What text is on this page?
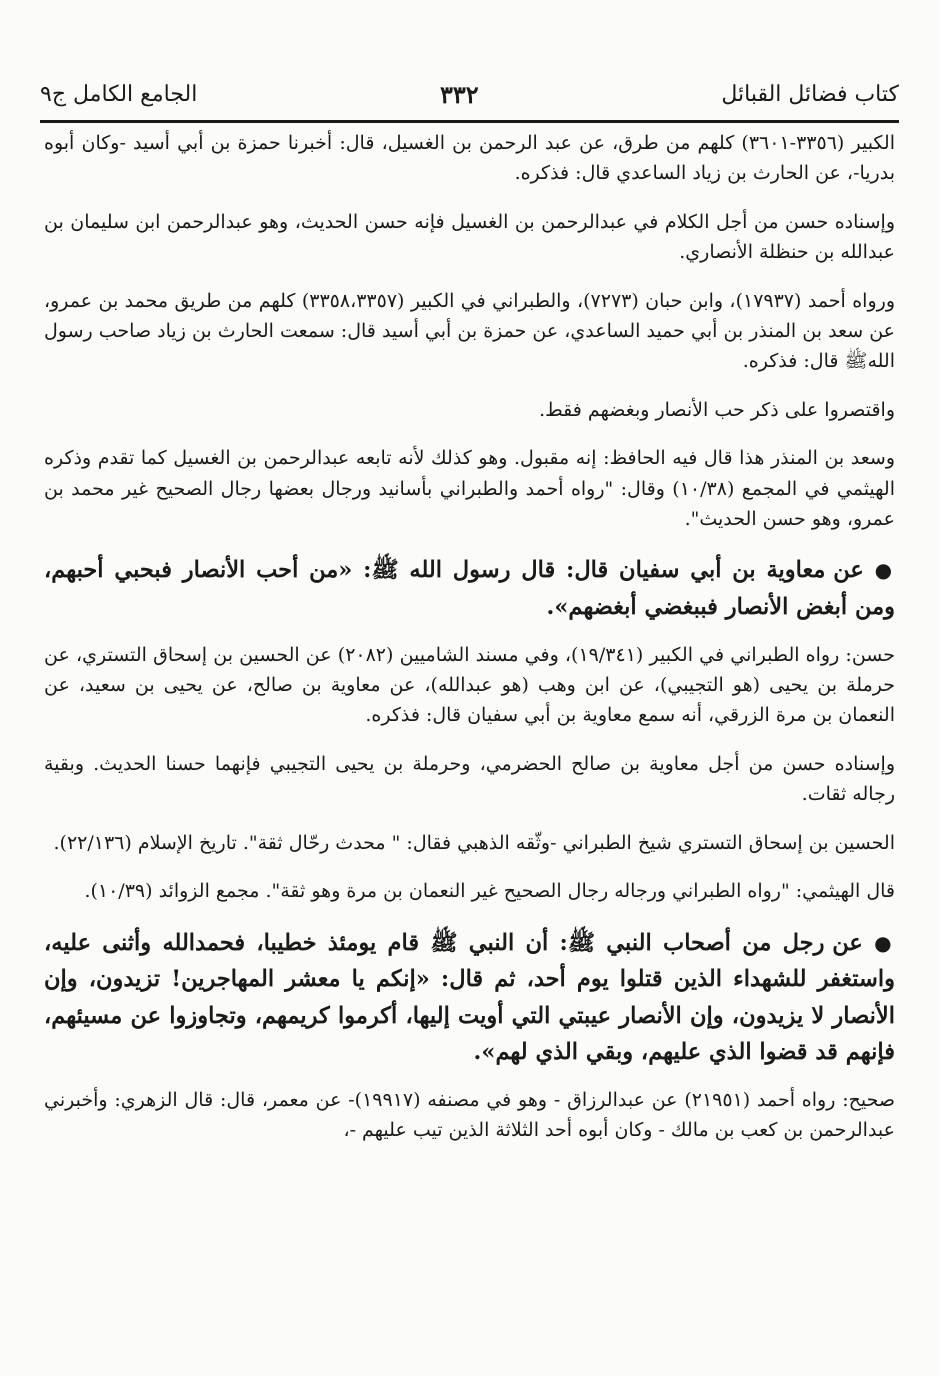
كتاب فضائل القبائل
٣٣٢
الجامع الكامل ج٩

الكبير (٣٣٥٦-٣٦٠١) كلهم من طرق، عن عبد الرحمن بن الغسيل، قال: أخبرنا حمزة بن أبي أسيد -وكان أبوه بدريا-، عن الحارث بن زياد الساعدي قال: فذكره.

وإسناده حسن من أجل الكلام في عبدالرحمن بن الغسيل فإنه حسن الحديث، وهو عبدالرحمن ابن سليمان بن عبدالله بن حنظلة الأنصاري.

ورواه أحمد (١٧٩٣٧)، وابن حبان (٧٢٧٣)، والطبراني في الكبير (٣٣٥٨،٣٣٥٧) كلهم من طريق محمد بن عمرو، عن سعد بن المنذر بن أبي حميد الساعدي، عن حمزة بن أبي أسيد قال: سمعت الحارث بن زياد صاحب رسول اللهﷺ قال: فذكره.

واقتصروا على ذكر حب الأنصار وبغضهم فقط.

وسعد بن المنذر هذا قال فيه الحافظ: إنه مقبول. وهو كذلك لأنه تابعه عبدالرحمن بن الغسيل كما تقدم وذكره الهيثمي في المجمع (١٠/٣٨) وقال: "رواه أحمد والطبراني بأسانيد ورجال بعضها رجال الصحيح غير محمد بن عمرو، وهو حسن الحديث".

● عن معاوية بن أبي سفيان قال: قال رسول الله ﷺ: «من أحب الأنصار فبحبي أحبهم، ومن أبغض الأنصار فببغضي أبغضهم».

حسن: رواه الطبراني في الكبير (١٩/٣٤١)، وفي مسند الشاميين (٢٠٨٢) عن الحسين بن إسحاق التستري، عن حرملة بن يحيى (هو التجيبي)، عن ابن وهب (هو عبدالله)، عن معاوية بن صالح، عن يحيى بن سعيد، عن النعمان بن مرة الزرقي، أنه سمع معاوية بن أبي سفيان قال: فذكره.

وإسناده حسن من أجل معاوية بن صالح الحضرمي، وحرملة بن يحيى التجيبي فإنهما حسنا الحديث. وبقية رجاله ثقات.

الحسين بن إسحاق التستري شيخ الطبراني -وثّقه الذهبي فقال: " محدث رحّال ثقة". تاريخ الإسلام (٢٢/١٣٦).

قال الهيثمي: "رواه الطبراني ورجاله رجال الصحيح غير النعمان بن مرة وهو ثقة". مجمع الزوائد (١٠/٣٩).

● عن رجل من أصحاب النبي ﷺ: أن النبي ﷺ قام يومئذ خطيبا، فحمدالله وأثنى عليه، واستغفر للشهداء الذين قتلوا يوم أحد، ثم قال: «إنكم يا معشر المهاجرين! تزيدون، وإن الأنصار لا يزيدون، وإن الأنصار عيبتي التي أويت إليها، أكرموا كريمهم، وتجاوزوا عن مسيئهم، فإنهم قد قضوا الذي عليهم، وبقي الذي لهم».

صحيح: رواه أحمد (٢١٩٥١) عن عبدالرزاق - وهو في مصنفه (١٩٩١٧)- عن معمر، قال: قال الزهري: وأخبرني عبدالرحمن بن كعب بن مالك - وكان أبوه أحد الثلاثة الذين تيب عليهم -،
